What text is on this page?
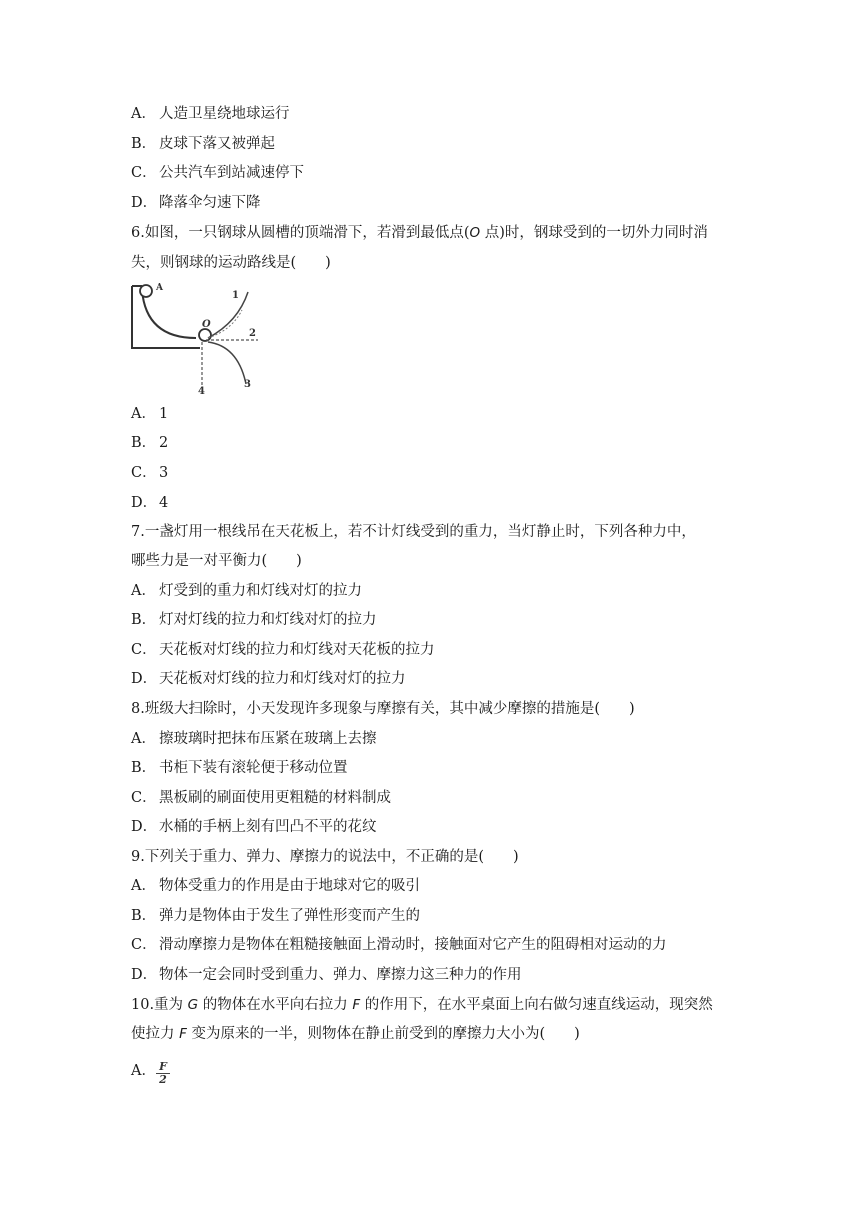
A． 人造卫星绕地球运行
B． 皮球下落又被弹起
C． 公共汽车到站减速停下
D． 降落伞匀速下降
6.如图，一只钢球从圆槽的顶端滑下，若滑到最低点(O 点)时，钢球受到的一切外力同时消
失，则钢球的运动路线是(　　)
A
O
1
2
3
4
A． 1
B． 2
C． 3
D． 4
7.一盏灯用一根线吊在天花板上，若不计灯线受到的重力，当灯静止时，下列各种力中，
哪些力是一对平衡力(　　)
A． 灯受到的重力和灯线对灯的拉力
B． 灯对灯线的拉力和灯线对灯的拉力
C． 天花板对灯线的拉力和灯线对天花板的拉力
D． 天花板对灯线的拉力和灯线对灯的拉力
8.班级大扫除时，小天发现许多现象与摩擦有关，其中减少摩擦的措施是(　　)
A． 擦玻璃时把抹布压紧在玻璃上去擦
B． 书柜下装有滚轮便于移动位置
C． 黑板刷的刷面使用更粗糙的材料制成
D． 水桶的手柄上刻有凹凸不平的花纹
9.下列关于重力、弹力、摩擦力的说法中，不正确的是(　　)
A． 物体受重力的作用是由于地球对它的吸引
B． 弹力是物体由于发生了弹性形变而产生的
C． 滑动摩擦力是物体在粗糙接触面上滑动时，接触面对它产生的阻碍相对运动的力
D． 物体一定会同时受到重力、弹力、摩擦力这三种力的作用
10.重为 G 的物体在水平向右拉力 F 的作用下，在水平桌面上向右做匀速直线运动，现突然
使拉力 F 变为原来的一半，则物体在静止前受到的摩擦力大小为(　　)
A． F
2
